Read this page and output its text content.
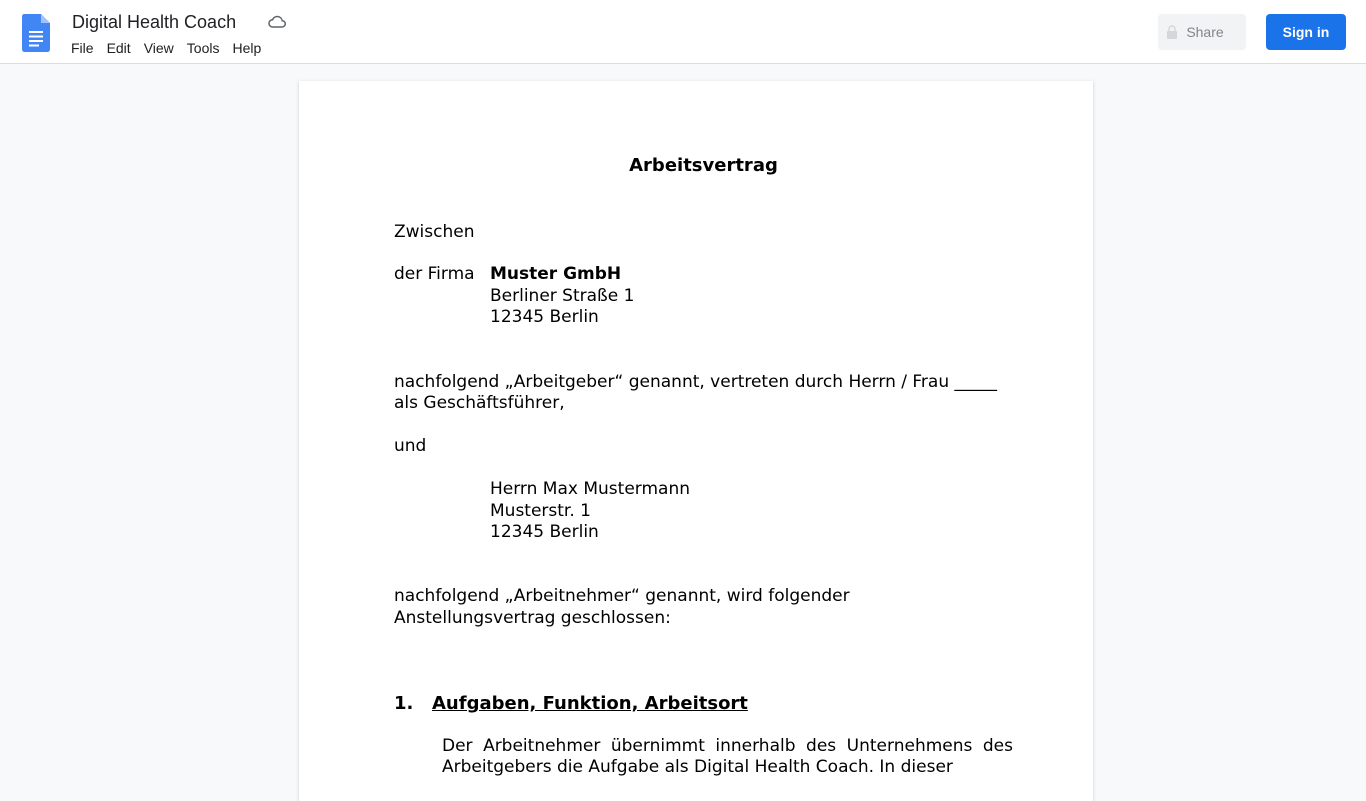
Digital Health Coach
File Edit View Tools Help
Share	Sign in
Arbeitsvertrag
Zwischen
der Firma Muster GmbH
Berliner Straße 1
12345 Berlin
nachfolgend „Arbeitgeber“ genannt, vertreten durch Herrn / Frau _____
als Geschäftsführer,
und
Herrn Max Mustermann
Musterstr. 1
12345 Berlin
nachfolgend „Arbeitnehmer“ genannt, wird folgender
Anstellungsvertrag geschlossen:
1. Aufgaben, Funktion, Arbeitsort
Der Arbeitnehmer übernimmt innerhalb des Unternehmens des Arbeitgebers die Aufgabe als Digital Health Coach. In dieser
